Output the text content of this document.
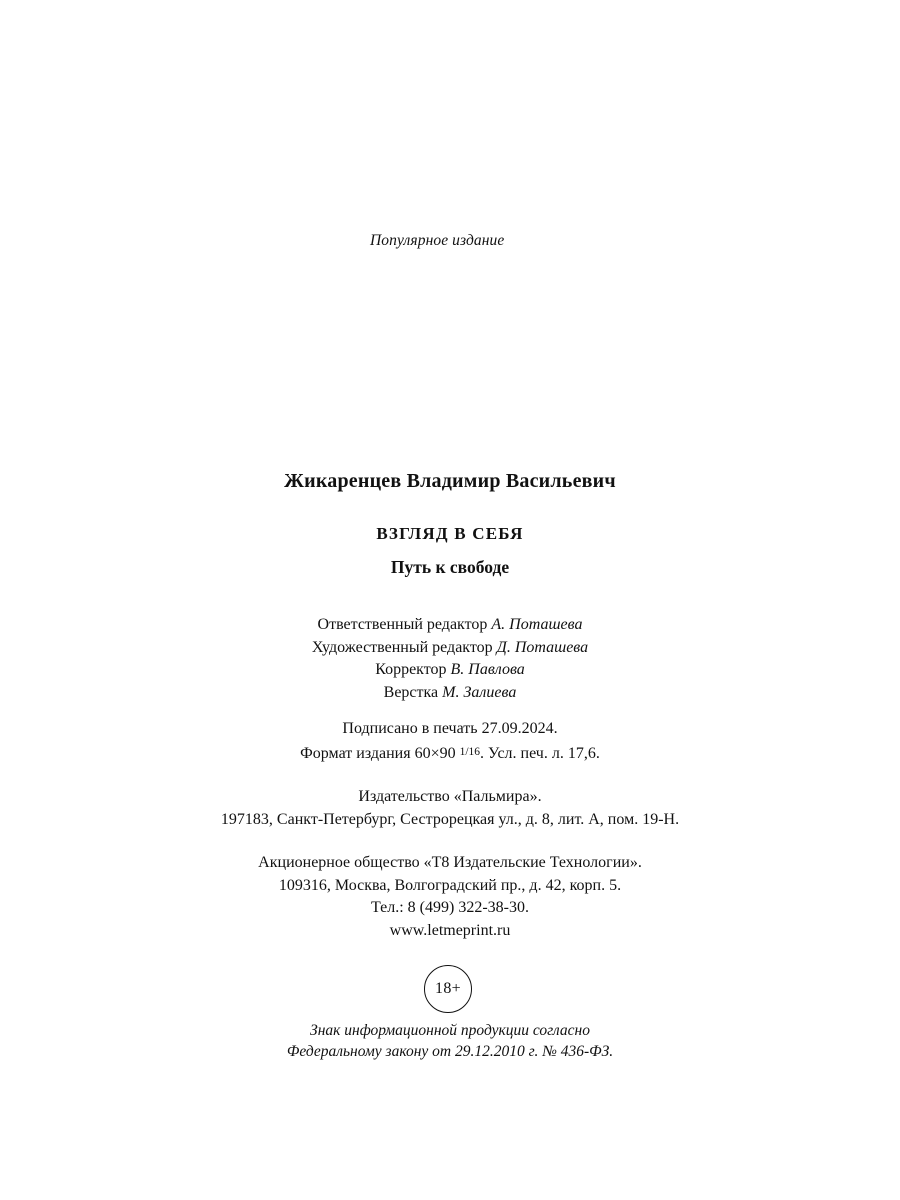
Популярное издание
Жикаренцев Владимир Васильевич
ВЗГЛЯД В СЕБЯ
Путь к свободе
Ответственный редактор А. Поташева
Художественный редактор Д. Поташева
Корректор В. Павлова
Верстка М. Залиева
Подписано в печать 27.09.2024.
Формат издания 60×90 $^{1/16}$. Усл. печ. л. 17,6.
Издательство «Пальмира».
197183, Санкт-Петербург, Сестрорецкая ул., д. 8, лит. А, пом. 19-Н.
Акционерное общество «Т8 Издательские Технологии».
109316, Москва, Волгоградский пр., д. 42, корп. 5.
Тел.: 8 (499) 322-38-30.
www.letmeprint.ru
18+
Знак информационной продукции согласно
Федеральному закону от 29.12.2010 г. № 436-ФЗ.
